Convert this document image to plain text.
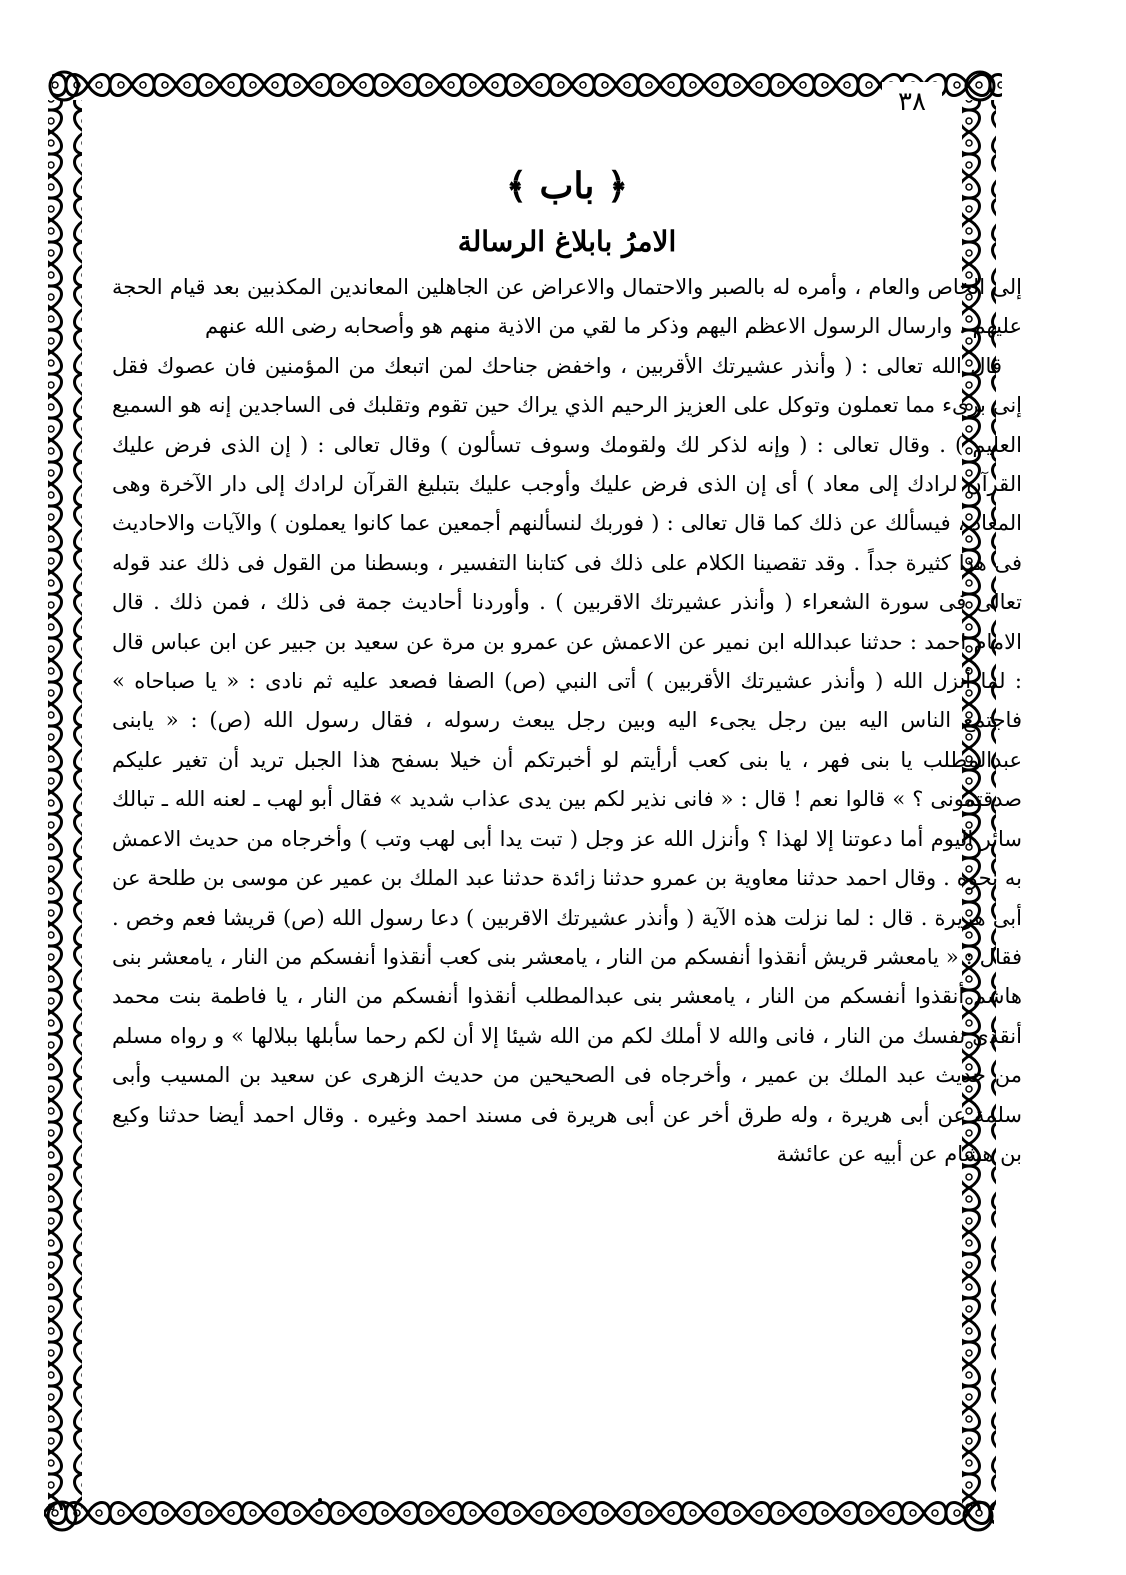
٣٨
﴿ باب ﴾
الامرُ بابلاغ الرسالة

إلى الخاص والعام ، وأمره له بالصبر والاحتمال والاعراض عن الجاهلين المعاندين المكذبين بعد قيام الحجة عليهم ، وارسال الرسول الاعظم اليهم وذكر ما لقي من الاذية منهم هو وأصحابه رضى الله عنهم

قال الله تعالى : ( وأنذر عشيرتك الأقربين ، واخفض جناحك لمن اتبعك من المؤمنين فان عصوك فقل إنى برىء مما تعملون وتوكل على العزيز الرحيم الذي يراك حين تقوم وتقلبك فى الساجدين إنه هو السميع العليم ) . وقال تعالى : ( وإنه لذكر لك ولقومك وسوف تسألون ) وقال تعالى : ( إن الذى فرض عليك القرآن لرادك إلى معاد ) أى إن الذى فرض عليك وأوجب عليك بتبليغ القرآن لرادك إلى دار الآخرة وهى المعاد ، فيسألك عن ذلك كما قال تعالى : ( فوربك لنسألنهم أجمعين عما كانوا يعملون ) والآيات والاحاديث فى هذا كثيرة جداً . وقد تقصينا الكلام على ذلك فى كتابنا التفسير ، وبسطنا من القول فى ذلك عند قوله تعالى فى سورة الشعراء ( وأنذر عشيرتك الاقربين ) . وأوردنا أحاديث جمة فى ذلك ، فمن ذلك . قال الامام احمد : حدثنا عبدالله ابن نمير عن الاعمش عن عمرو بن مرة عن سعيد بن جبير عن ابن عباس قال : لما أنزل الله ( وأنذر عشيرتك الأقربين ) أتى النبي (ص) الصفا فصعد عليه ثم نادى : « يا صباحاه » فاجتمع الناس اليه بين رجل يجىء اليه وبين رجل يبعث رسوله ، فقال رسول الله (ص) : « يابنى عبدالمطلب يا بنى فهر ، يا بنى كعب أرأيتم لو أخبرتكم أن خيلا بسفح هذا الجبل تريد أن تغير عليكم صدقتمونى ؟ » قالوا نعم ! قال : « فانى نذير لكم بين يدى عذاب شديد » فقال أبو لهب ـ لعنه الله ـ تبالك سائر اليوم أما دعوتنا إلا لهذا ؟ وأنزل الله عز وجل ( تبت يدا أبى لهب وتب ) وأخرجاه من حديث الاعمش به نحوه . وقال احمد حدثنا معاوية بن عمرو حدثنا زائدة حدثنا عبد الملك بن عمير عن موسى بن طلحة عن أبى هريرة . قال : لما نزلت هذه الآية ( وأنذر عشيرتك الاقربين ) دعا رسول الله (ص) قريشا فعم وخص . فقال : « يامعشر قريش أنقذوا أنفسكم من النار ، يامعشر بنى كعب أنقذوا أنفسكم من النار ، يامعشر بنى هاشم أنقذوا أنفسكم من النار ، يامعشر بنى عبدالمطلب أنقذوا أنفسكم من النار ، يا فاطمة بنت محمد أنقذى نفسك من النار ، فانى والله لا أملك لكم من الله شيئا إلا أن لكم رحما سأبلها ببلالها » و رواه مسلم من حديث عبد الملك بن عمير ، وأخرجاه فى الصحيحين من حديث الزهرى عن سعيد بن المسيب وأبى سلمة عن أبى هريرة ، وله طرق أخر عن أبى هريرة فى مسند احمد وغيره . وقال احمد أيضا حدثنا وكيع بن هشام عن أبيه عن عائشة
